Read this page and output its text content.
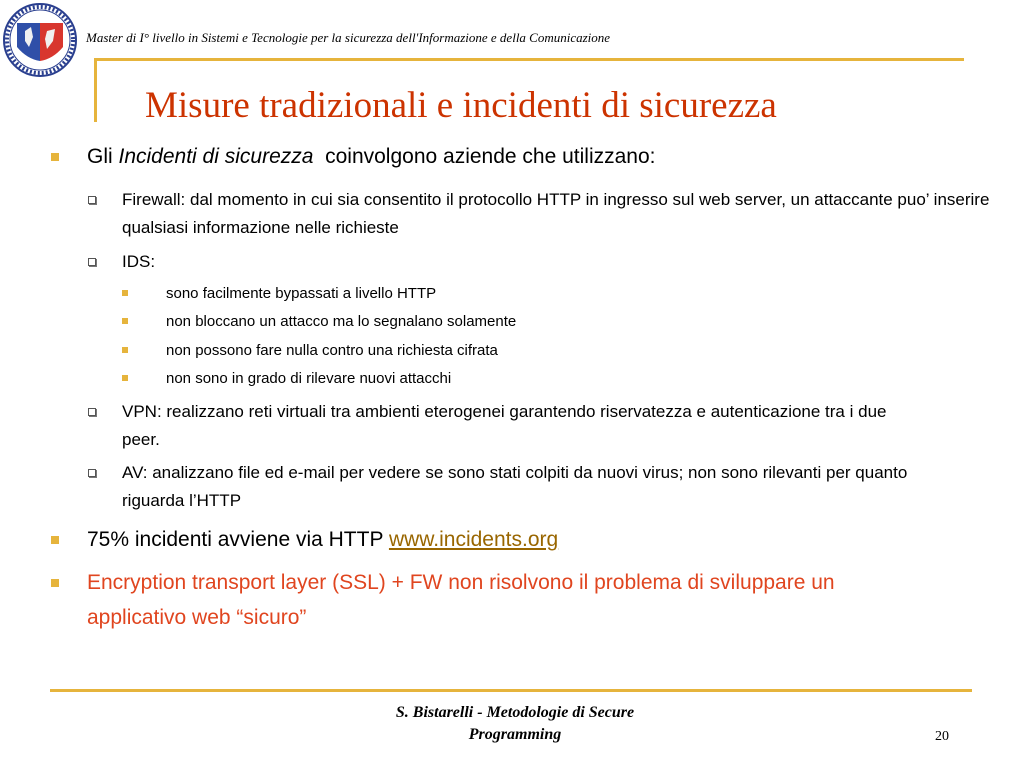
Master di I° livello in Sistemi e Tecnologie per la sicurezza dell'Informazione e della Comunicazione
Misure tradizionali e incidenti di sicurezza
Gli Incidenti di sicurezza  coinvolgono aziende che utilizzano:
Firewall: dal momento in cui sia consentito il protocollo HTTP in ingresso sul web server, un attaccante puo’ inserire qualsiasi informazione nelle richieste
IDS:
sono facilmente bypassati a livello HTTP
non bloccano un attacco ma lo segnalano solamente
non possono fare nulla contro una richiesta cifrata
non sono in grado di rilevare nuovi attacchi
VPN: realizzano reti virtuali tra ambienti eterogenei garantendo riservatezza e autenticazione tra i due peer.
AV: analizzano file ed e-mail per vedere se sono stati colpiti da nuovi virus; non sono rilevanti per quanto riguarda l’HTTP
75% incidenti avviene via HTTP www.incidents.org
Encryption transport layer (SSL) + FW non risolvono il problema di sviluppare un applicativo web “sicuro”
S. Bistarelli - Metodologie di Secure
Programming	20
